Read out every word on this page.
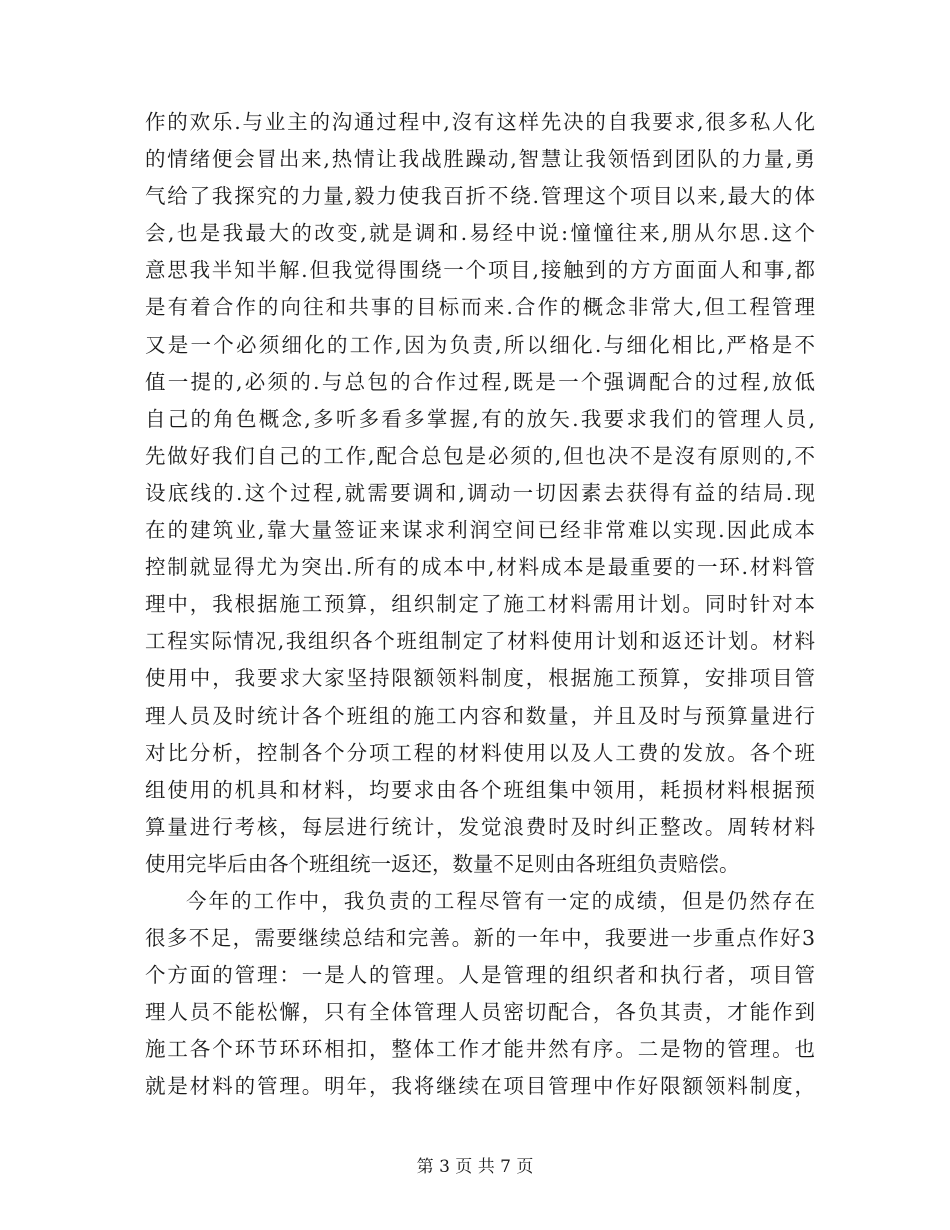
作的欢乐.与业主的沟通过程中,沒有这样先决的自我要求,很多私人化
的情绪便会冒出来,热情让我战胜躁动,智慧让我领悟到团队的力量,勇
气给了我探究的力量,毅力使我百折不绕.管理这个项目以来,最大的体
会,也是我最大的改变,就是调和.易经中说:憧憧往来,朋从尔思.这个
意思我半知半解.但我觉得围绕一个项目,接触到的方方面面人和事,都
是有着合作的向往和共事的目标而来.合作的概念非常大,但工程管理
又是一个必须细化的工作,因为负责,所以细化.与细化相比,严格是不
值一提的,必须的.与总包的合作过程,既是一个强调配合的过程,放低
自己的角色概念,多听多看多掌握,有的放矢.我要求我们的管理人员,
先做好我们自己的工作,配合总包是必须的,但也决不是沒有原则的,不
设底线的.这个过程,就需要调和,调动一切因素去获得有益的结局.现
在的建筑业,靠大量签证来谋求利润空间已经非常难以实现.因此成本
控制就显得尤为突出.所有的成本中,材料成本是最重要的一环.材料管
理中，我根据施工预算，组织制定了施工材料需用计划。同时针对本
工程实际情况,我组织各个班组制定了材料使用计划和返还计划。材料
使用中，我要求大家坚持限额领料制度，根据施工预算，安排项目管
理人员及时统计各个班组的施工内容和数量，并且及时与预算量进行
对比分析，控制各个分项工程的材料使用以及人工费的发放。各个班
组使用的机具和材料，均要求由各个班组集中领用，耗损材料根据预
算量进行考核，每层进行统计，发觉浪费时及时纠正整改。周转材料
使用完毕后由各个班组统一返还，数量不足则由各班组负责赔偿。
今年的工作中，我负责的工程尽管有一定的成绩，但是仍然存在
很多不足，需要继续总结和完善。新的一年中，我要进一步重点作好3
个方面的管理：一是人的管理。人是管理的组织者和执行者，项目管
理人员不能松懈，只有全体管理人员密切配合，各负其责，才能作到
施工各个环节环环相扣，整体工作才能井然有序。二是物的管理。也
就是材料的管理。明年，我将继续在项目管理中作好限额领料制度，
第 3 页 共 7 页
